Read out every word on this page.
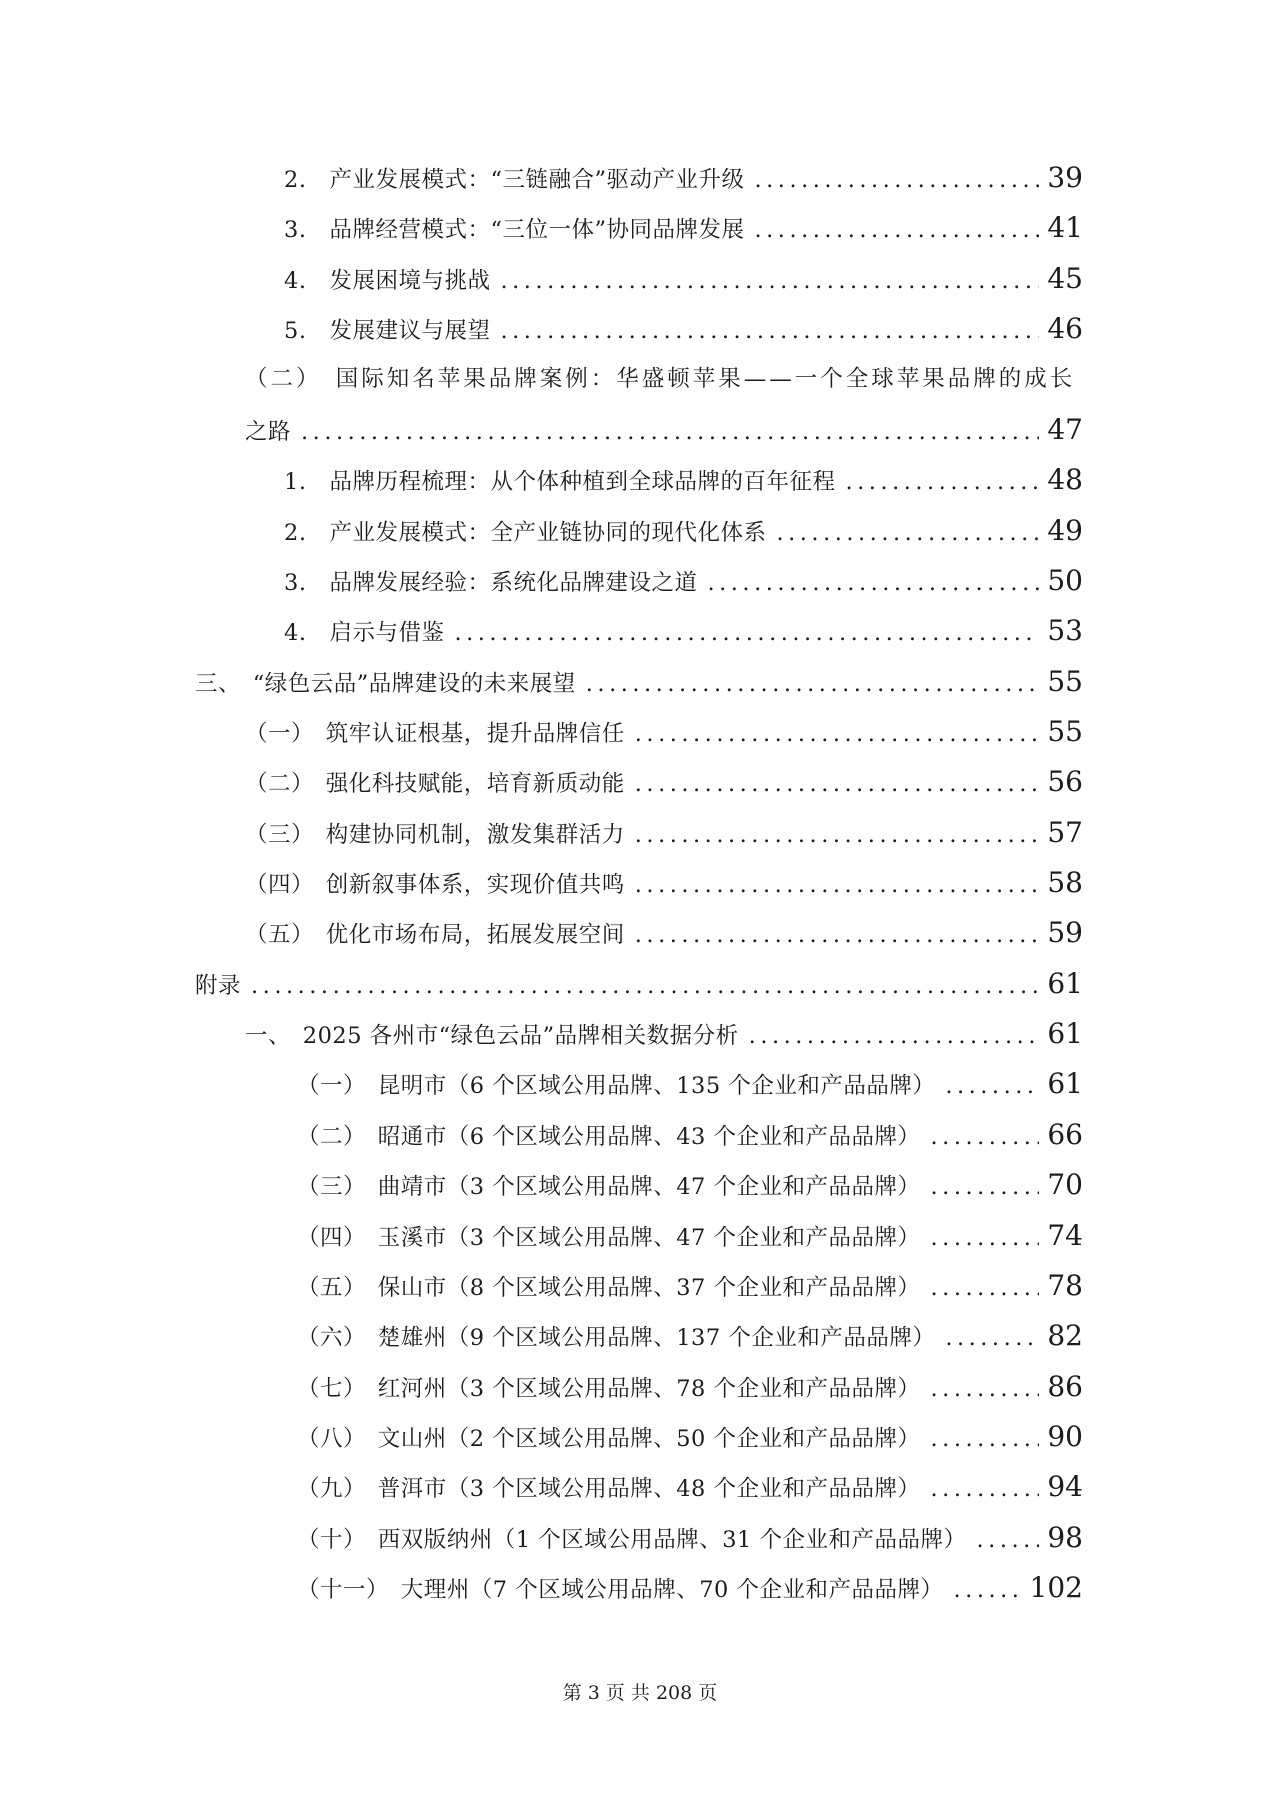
2.　产业发展模式：“三链融合”驱动产业升级 .....	39
3.　品牌经营模式：“三位一体”协同品牌发展 .....	41
4.　发展困境与挑战 .....	45
5.　发展建议与展望 .....	46
（二）　国际知名苹果品牌案例：华盛顿苹果——一个全球苹果品牌的成长
之路 .....	47
1.　品牌历程梳理：从个体种植到全球品牌的百年征程 .....	48
2.　产业发展模式：全产业链协同的现代化体系 .....	49
3.　品牌发展经验：系统化品牌建设之道 .....	50
4.　启示与借鉴 .....	53
三、　“绿色云品”品牌建设的未来展望 .....	55
（一）　筑牢认证根基，提升品牌信任 .....	55
（二）　强化科技赋能，培育新质动能 .....	56
（三）　构建协同机制，激发集群活力 .....	57
（四）　创新叙事体系，实现价值共鸣 .....	58
（五）　优化市场布局，拓展发展空间 .....	59
附录 .....	61
一、　2025 各州市“绿色云品”品牌相关数据分析 .....	61
（一）　昆明市（6 个区域公用品牌、135 个企业和产品品牌） .....	61
（二）　昭通市（6 个区域公用品牌、43 个企业和产品品牌） .....	66
（三）　曲靖市（3 个区域公用品牌、47 个企业和产品品牌） .....	70
（四）　玉溪市（3 个区域公用品牌、47 个企业和产品品牌） .....	74
（五）　保山市（8 个区域公用品牌、37 个企业和产品品牌） .....	78
（六）　楚雄州（9 个区域公用品牌、137 个企业和产品品牌） .....	82
（七）　红河州（3 个区域公用品牌、78 个企业和产品品牌） .....	86
（八）　文山州（2 个区域公用品牌、50 个企业和产品品牌） .....	90
（九）　普洱市（3 个区域公用品牌、48 个企业和产品品牌） .....	94
（十）　西双版纳州（1 个区域公用品牌、31 个企业和产品品牌） .....	98
（十一）　大理州（7 个区域公用品牌、70 个企业和产品品牌） .....	102
第 3 页 共 208 页
